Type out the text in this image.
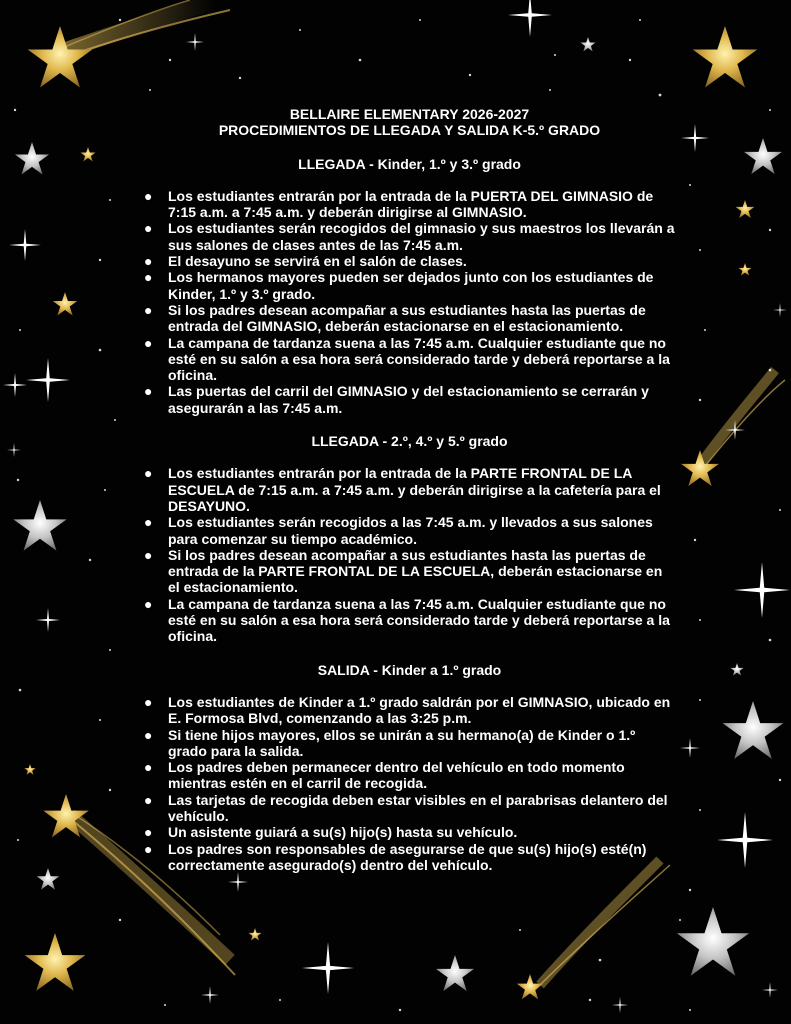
BELLAIRE ELEMENTARY 2026-2027
PROCEDIMIENTOS DE LLEGADA Y SALIDA K-5.º GRADO

LLEGADA - Kinder, 1.º y 3.º grado

● Los estudiantes entrarán por la entrada de la PUERTA DEL GIMNASIO de 7:15 a.m. a 7:45 a.m. y deberán dirigirse al GIMNASIO.
● Los estudiantes serán recogidos del gimnasio y sus maestros los llevarán a sus salones de clases antes de las 7:45 a.m.
● El desayuno se servirá en el salón de clases.
● Los hermanos mayores pueden ser dejados junto con los estudiantes de Kinder, 1.º y 3.º grado.
● Si los padres desean acompañar a sus estudiantes hasta las puertas de entrada del GIMNASIO, deberán estacionarse en el estacionamiento.
● La campana de tardanza suena a las 7:45 a.m. Cualquier estudiante que no esté en su salón a esa hora será considerado tarde y deberá reportarse a la oficina.
● Las puertas del carril del GIMNASIO y del estacionamiento se cerrarán y asegurarán a las 7:45 a.m.

LLEGADA - 2.º, 4.º y 5.º grado

● Los estudiantes entrarán por la entrada de la PARTE FRONTAL DE LA ESCUELA de 7:15 a.m. a 7:45 a.m. y deberán dirigirse a la cafetería para el DESAYUNO.
● Los estudiantes serán recogidos a las 7:45 a.m. y llevados a sus salones para comenzar su tiempo académico.
● Si los padres desean acompañar a sus estudiantes hasta las puertas de entrada de la PARTE FRONTAL DE LA ESCUELA, deberán estacionarse en el estacionamiento.
● La campana de tardanza suena a las 7:45 a.m. Cualquier estudiante que no esté en su salón a esa hora será considerado tarde y deberá reportarse a la oficina.

SALIDA - Kinder a 1.º grado

● Los estudiantes de Kinder a 1.º grado saldrán por el GIMNASIO, ubicado en E. Formosa Blvd, comenzando a las 3:25 p.m.
● Si tiene hijos mayores, ellos se unirán a su hermano(a) de Kinder o 1.º grado para la salida.
● Los padres deben permanecer dentro del vehículo en todo momento mientras estén en el carril de recogida.
● Las tarjetas de recogida deben estar visibles en el parabrisas delantero del vehículo.
● Un asistente guiará a su(s) hijo(s) hasta su vehículo.
● Los padres son responsables de asegurarse de que su(s) hijo(s) esté(n) correctamente asegurado(s) dentro del vehículo.
